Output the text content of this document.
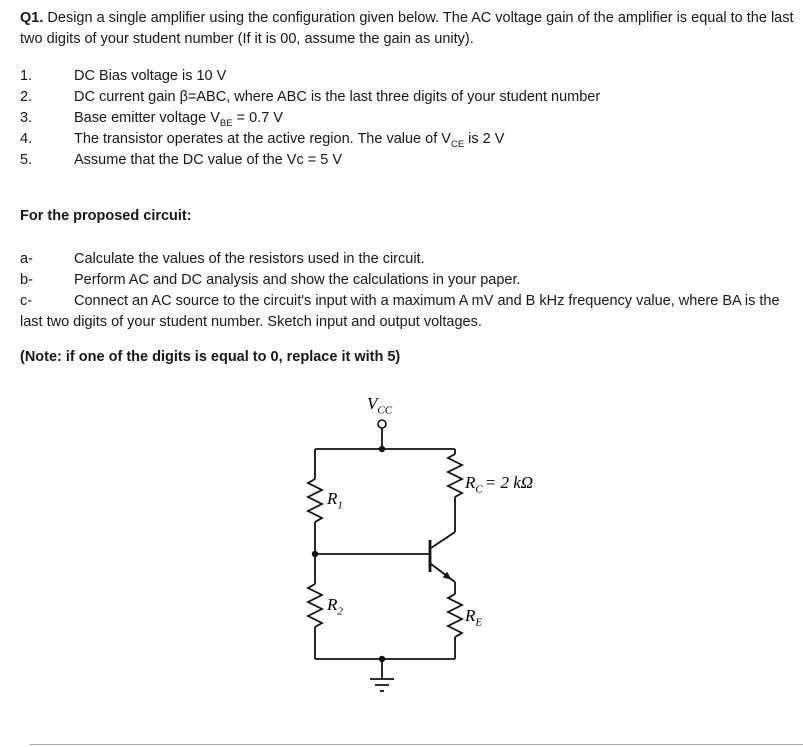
Q1. Design a single amplifier using the configuration given below. The AC voltage gain of the amplifier is equal to the last two digits of your student number (If it is 00, assume the gain as unity).

1.	DC Bias voltage is 10 V

2.	DC current gain β=ABC, where ABC is the last three digits of your student number

3.	Base emitter voltage $V_{BE} = 0.7$ V

4.	The transistor operates at the active region. The value of $V_{CE}$ is 2 V

5.	Assume that the DC value of the Vc = 5 V

For the proposed circuit:

a-	Calculate the values of the resistors used in the circuit.

b-	Perform AC and DC analysis and show the calculations in your paper.

c-	Connect an AC source to the circuit's input with a maximum A mV and B kHz frequency value, where BA is the last two digits of your student number. Sketch input and output voltages.

(Note: if one of the digits is equal to 0, replace it with 5)

$V_{CC}$
$R_1$
$R_2$
$R_C = 2$ kΩ
$R_E$
